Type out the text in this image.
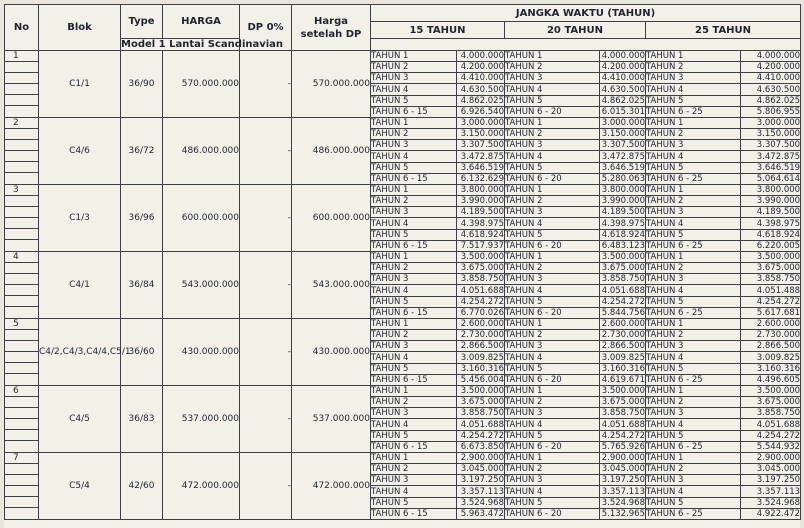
No	Blok	Type	HARGA	DP 0%	Harga setelah DP	JANGKA WAKTU (TAHUN)					
						15 TAHUN		20 TAHUN		25 TAHUN	
		Model 1 Lantai Scandinavian									

1	C1/1	36/90	570.000.000	-	570.000.000	TAHUN 1	4.000.000	TAHUN 1	4.000.000	TAHUN 1	4.000.000
						TAHUN 2	4.200.000	TAHUN 2	4.200.000	TAHUN 2	4.200.000
						TAHUN 3	4.410.000	TAHUN 3	4.410.000	TAHUN 3	4.410.000
						TAHUN 4	4.630.500	TAHUN 4	4.630.500	TAHUN 4	4.630.500
						TAHUN 5	4.862.025	TAHUN 5	4.862.025	TAHUN 5	4.862.025
						TAHUN 6 - 15	6.926.540	TAHUN 6 - 20	6.015.301	TAHUN 6 - 25	5.806.955

2	C4/6	36/72	486.000.000	-	486.000.000	TAHUN 1	3.000.000	TAHUN 1	3.000.000	TAHUN 1	3.000.000
						TAHUN 2	3.150.000	TAHUN 2	3.150.000	TAHUN 2	3.150.000
						TAHUN 3	3.307.500	TAHUN 3	3.307.500	TAHUN 3	3.307.500
						TAHUN 4	3.472.875	TAHUN 4	3.472.875	TAHUN 4	3.472.875
						TAHUN 5	3.646.519	TAHUN 5	3.646.519	TAHUN 5	3.646.519
						TAHUN 6 - 15	6.132.629	TAHUN 6 - 20	5.280.063	TAHUN 6 - 25	5.064.614

3	C1/3	36/96	600.000.000	-	600.000.000	TAHUN 1	3.800.000	TAHUN 1	3.800.000	TAHUN 1	3.800.000
						TAHUN 2	3.990.000	TAHUN 2	3.990.000	TAHUN 2	3.990.000
						TAHUN 3	4.189.500	TAHUN 3	4.189.500	TAHUN 3	4.189.500
						TAHUN 4	4.398.975	TAHUN 4	4.398.975	TAHUN 4	4.398.975
						TAHUN 5	4.618.924	TAHUN 5	4.618.924	TAHUN 5	4.618.924
						TAHUN 6 - 15	7.517.937	TAHUN 6 - 20	6.483.123	TAHUN 6 - 25	6.220.005

4	C4/1	36/84	543.000.000	-	543.000.000	TAHUN 1	3.500.000	TAHUN 1	3.500.000	TAHUN 1	3.500.000
						TAHUN 2	3.675.000	TAHUN 2	3.675.000	TAHUN 2	3.675.000
						TAHUN 3	3.858.750	TAHUN 3	3.858.750	TAHUN 3	3.858.750
						TAHUN 4	4.051.688	TAHUN 4	4.051.688	TAHUN 4	4.051.488
						TAHUN 5	4.254.272	TAHUN 5	4.254.272	TAHUN 5	4.254.272
						TAHUN 6 - 15	6.770.026	TAHUN 6 - 20	5.844.756	TAHUN 6 - 25	5.617.681

5	C4/2,C4/3,C4/4,C5/1	36/60	430.000.000	-	430.000.000	TAHUN 1	2.600.000	TAHUN 1	2.600.000	TAHUN 1	2.600.000
						TAHUN 2	2.730.000	TAHUN 2	2.730.000	TAHUN 2	2.730.000
						TAHUN 3	2.866.500	TAHUN 3	2.866.500	TAHUN 3	2.866.500
						TAHUN 4	3.009.825	TAHUN 4	3.009.825	TAHUN 4	3.009.825
						TAHUN 5	3.160.316	TAHUN 5	3.160.316	TAHUN 5	3.160.316
						TAHUN 6 - 15	5.456.004	TAHUN 6 - 20	4.619.671	TAHUN 6 - 25	4.496.605

6	C4/5	36/83	537.000.000	-	537.000.000	TAHUN 1	3.500.000	TAHUN 1	3.500.000	TAHUN 1	3.500.000
						TAHUN 2	3.675.000	TAHUN 2	3.675.000	TAHUN 2	3.675.000
						TAHUN 3	3.858.750	TAHUN 3	3.858.750	TAHUN 3	3.858.750
						TAHUN 4	4.051.688	TAHUN 4	4.051.688	TAHUN 4	4.051.688
						TAHUN 5	4.254.272	TAHUN 5	4.254.272	TAHUN 5	4.254.272
						TAHUN 6 - 15	6.673.850	TAHUN 6 - 20	5.765.926	TAHUN 6 - 25	5.544.932

7	C5/4	42/60	472.000.000	-	472.000.000	TAHUN 1	2.900.000	TAHUN 1	2.900.000	TAHUN 1	2.900.000
						TAHUN 2	3.045.000	TAHUN 2	3.045.000	TAHUN 2	3.045.000
						TAHUN 3	3.197.250	TAHUN 3	3.197.250	TAHUN 3	3.197.250
						TAHUN 4	3.357.113	TAHUN 4	3.357.113	TAHUN 4	3.357.113
						TAHUN 5	3.524.968	TAHUN 5	3.524.968	TAHUN 5	3.524.968
						TAHUN 6 - 15	5.963.472	TAHUN 6 - 20	5.132.965	TAHUN 6 - 25	4.922.472
